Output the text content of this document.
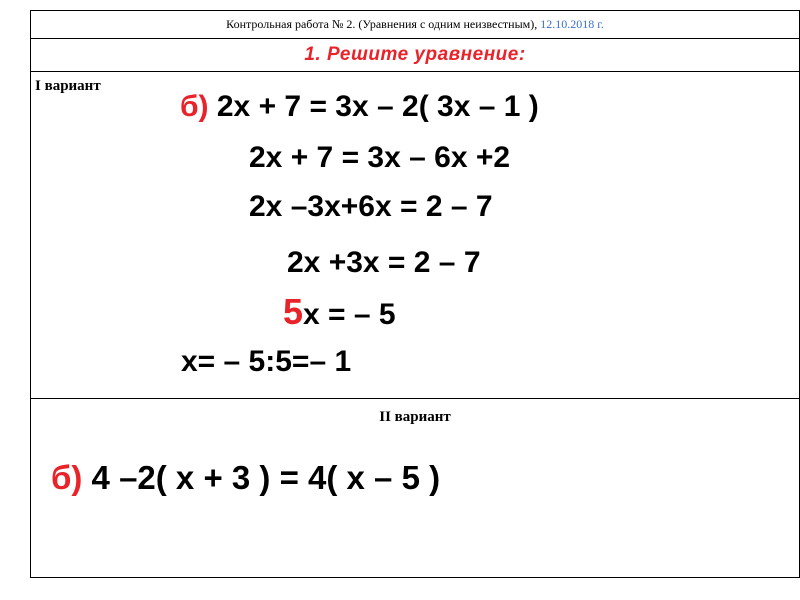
Контрольная работа № 2. (Уравнения с одним неизвестным), 12.10.2018 г.
1. Решите уравнение:
I вариант
б) 2x + 7 = 3x – 2( 3x – 1 )
2x + 7 = 3x – 6x +2
2x –3x+6x = 2 – 7
2x +3x = 2 – 7
5x = – 5
x= – 5:5=– 1
II вариант
б) 4 –2( x + 3 ) = 4( x – 5 )
